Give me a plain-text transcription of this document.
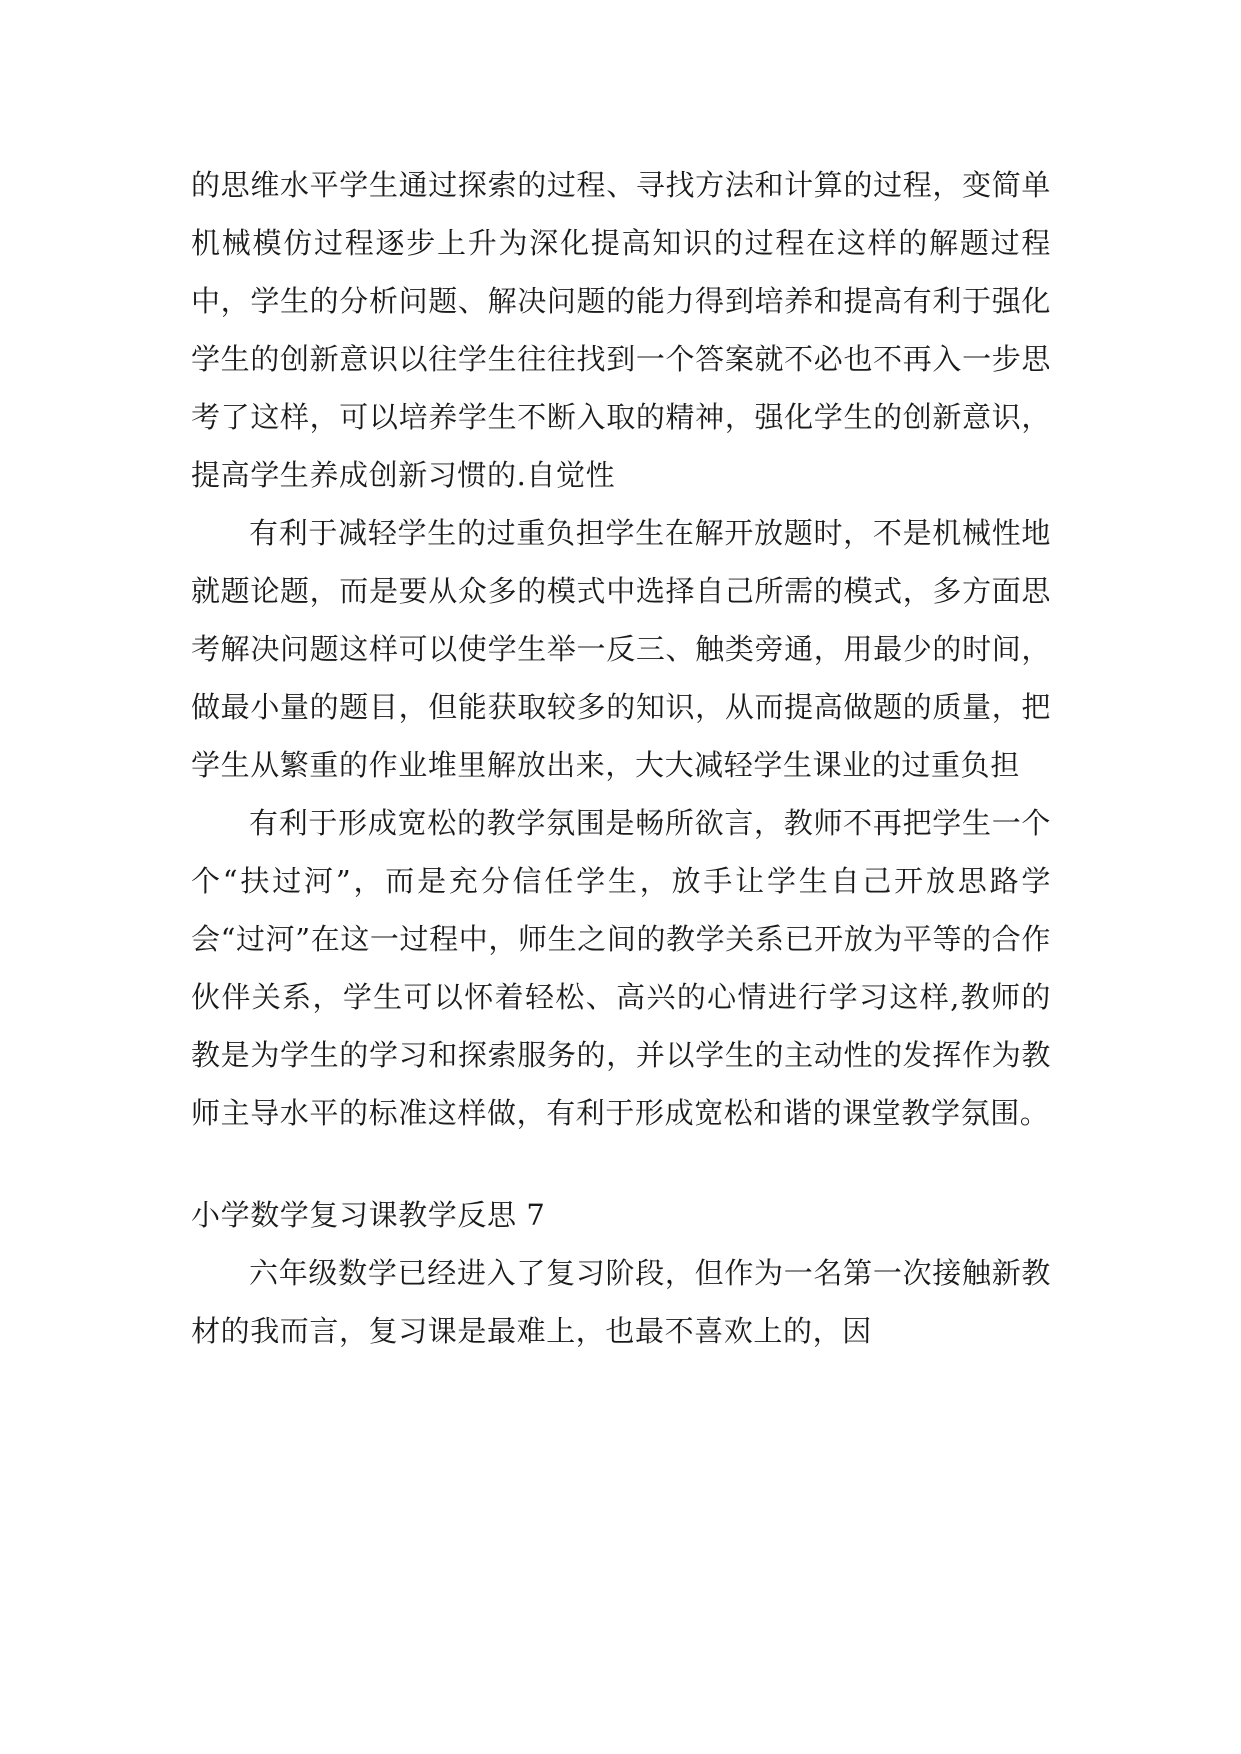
的思维水平学生通过探索的过程、寻找方法和计算的过程，变简单机械模仿过程逐步上升为深化提高知识的过程在这样的解题过程中，学生的分析问题、解决问题的能力得到培养和提高有利于强化学生的创新意识以往学生往往找到一个答案就不必也不再入一步思考了这样，可以培养学生不断入取的精神，强化学生的创新意识，提高学生养成创新习惯的.自觉性

有利于减轻学生的过重负担学生在解开放题时，不是机械性地就题论题，而是要从众多的模式中选择自己所需的模式，多方面思考解决问题这样可以使学生举一反三、触类旁通，用最少的时间，做最小量的题目，但能获取较多的知识，从而提高做题的质量，把学生从繁重的作业堆里解放出来，大大减轻学生课业的过重负担

有利于形成宽松的教学氛围是畅所欲言，教师不再把学生一个个“扶过河”，而是充分信任学生，放手让学生自己开放思路学会“过河”在这一过程中，师生之间的教学关系已开放为平等的合作伙伴关系，学生可以怀着轻松、高兴的心情进行学习这样,教师的教是为学生的学习和探索服务的，并以学生的主动性的发挥作为教师主导水平的标准这样做，有利于形成宽松和谐的课堂教学氛围。

小学数学复习课教学反思 7

六年级数学已经进入了复习阶段，但作为一名第一次接触新教材的我而言，复习课是最难上，也最不喜欢上的，因
